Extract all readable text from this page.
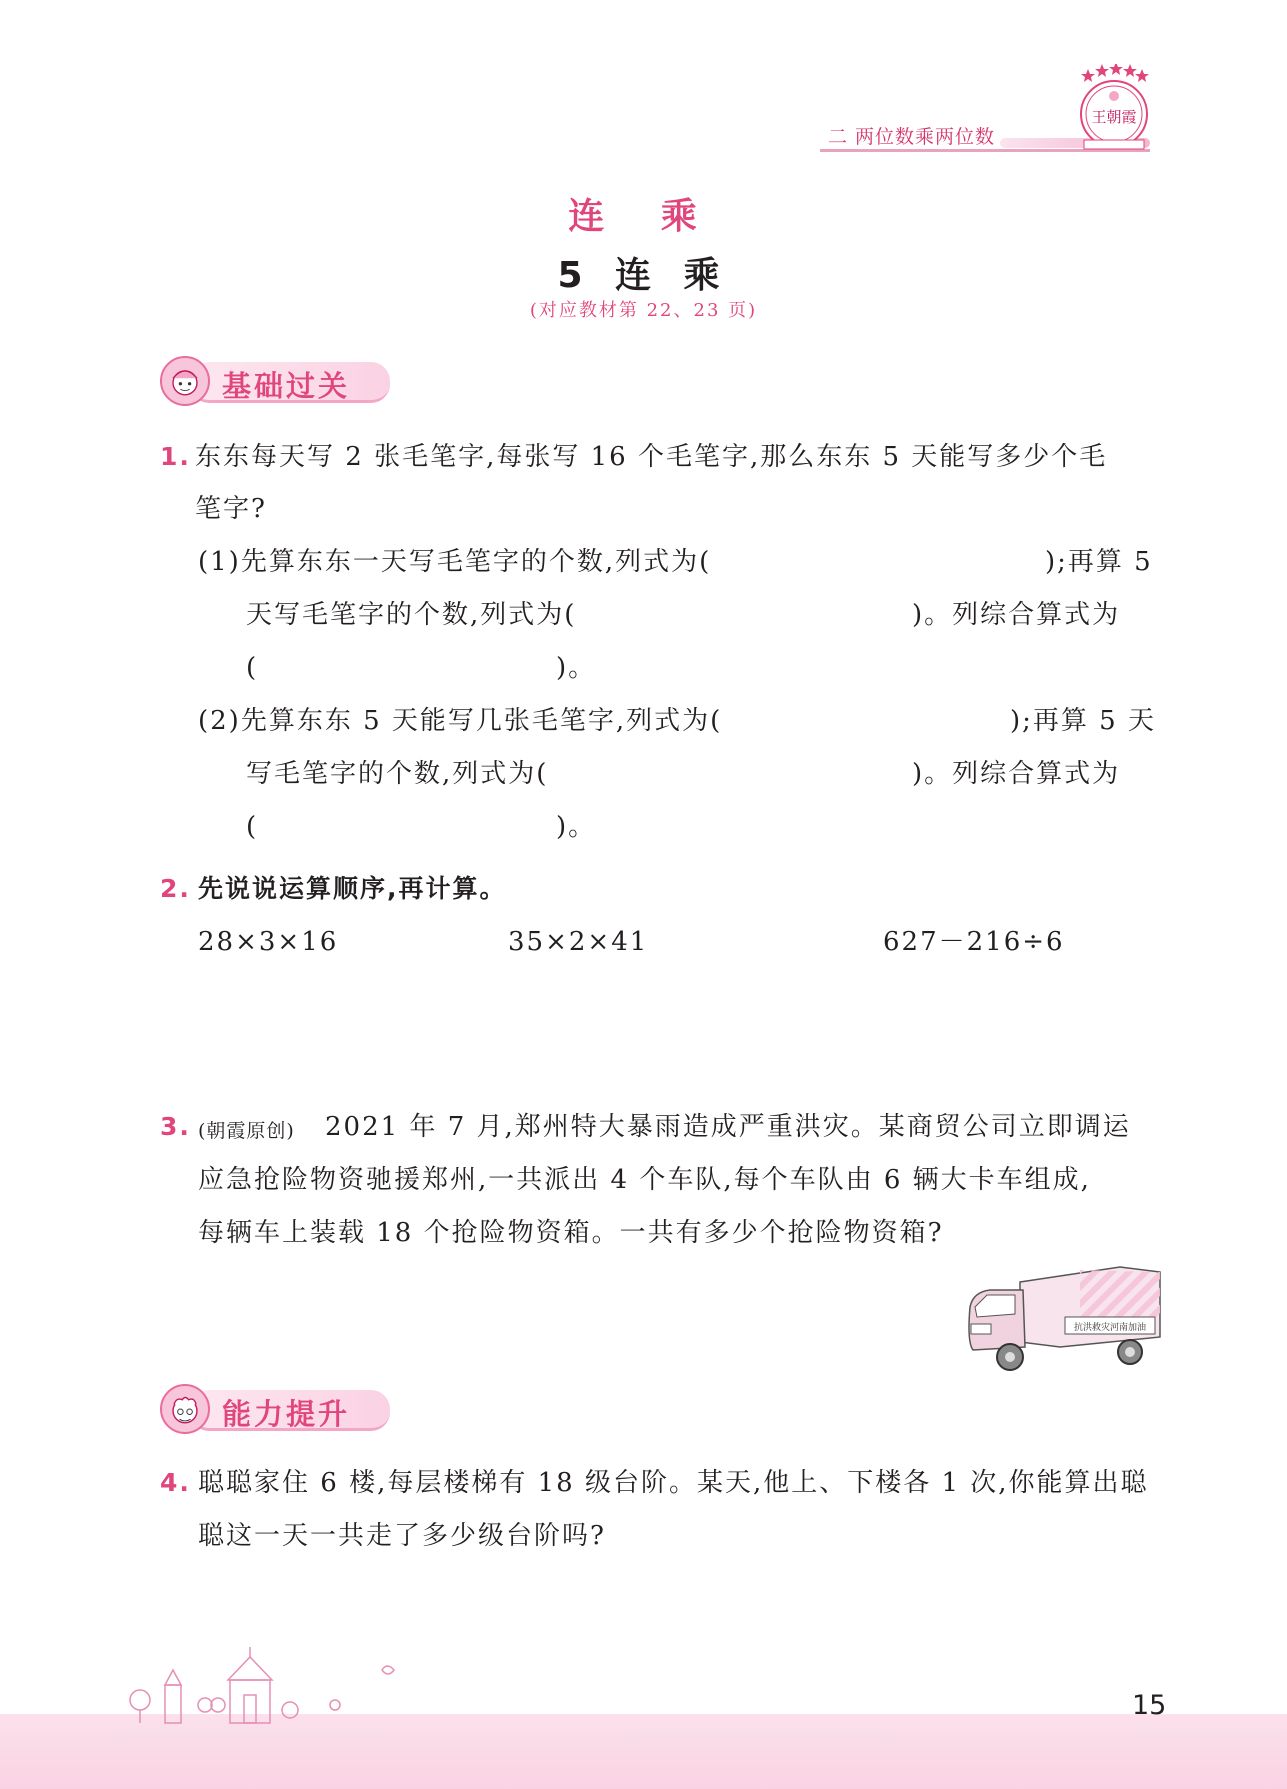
二 两位数乘两位数
王朝霞
连 乘
5 连 乘
(对应教材第 22、23 页)
基础过关
1. 东东每天写 2 张毛笔字,每张写 16 个毛笔字,那么东东 5 天能写多少个毛
笔字?
(1)先算东东一天写毛笔字的个数,列式为(	);再算 5
天写毛笔字的个数,列式为(	)。列综合算式为
(	)。
(2)先算东东 5 天能写几张毛笔字,列式为(	);再算 5 天
写毛笔字的个数,列式为(	)。列综合算式为
(	)。
2. 先说说运算顺序,再计算。
28×3×16	35×2×41	627－216÷6
3. (朝霞原创) 2021 年 7 月,郑州特大暴雨造成严重洪灾。某商贸公司立即调运
应急抢险物资驰援郑州,一共派出 4 个车队,每个车队由 6 辆大卡车组成,
每辆车上装载 18 个抢险物资箱。一共有多少个抢险物资箱?
抗洪救灾河南加油
能力提升
4. 聪聪家住 6 楼,每层楼梯有 18 级台阶。某天,他上、下楼各 1 次,你能算出聪
聪这一天一共走了多少级台阶吗?
15
